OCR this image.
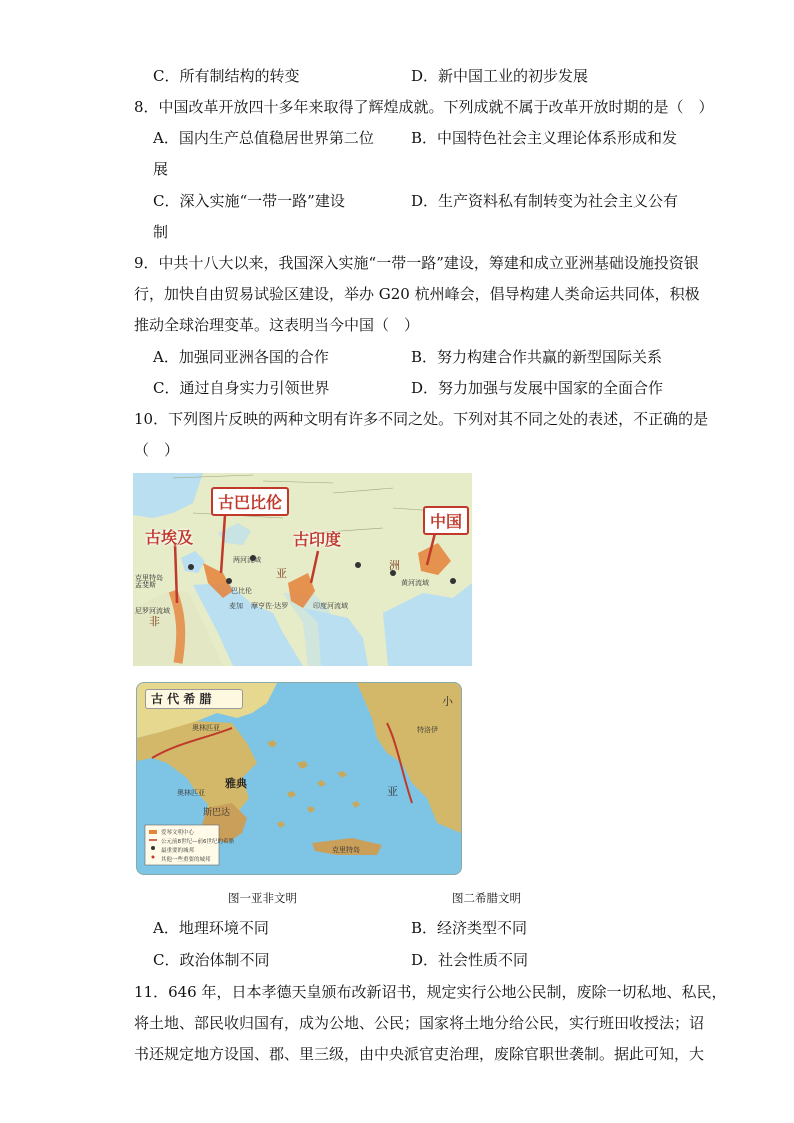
C．所有制结构的转变	D．新中国工业的初步发展
8．中国改革开放四十多年来取得了辉煌成就。下列成就不属于改革开放时期的是（　）
A．国内生产总值稳居世界第二位 B．中国特色社会主义理论体系形成和发
展
C．深入实施“一带一路”建设	D．生产资料私有制转变为社会主义公有
制
9．中共十八大以来，我国深入实施“一带一路”建设，筹建和成立亚洲基础设施投资银
行，加快自由贸易试验区建设，举办 G20 杭州峰会，倡导构建人类命运共同体，积极
推动全球治理变革。这表明当今中国（　）
A．加强同亚洲各国的合作	B．努力构建合作共赢的新型国际关系
C．通过自身实力引领世界	D．努力加强与发展中国家的全面合作
10．下列图片反映的两种文明有许多不同之处。下列对其不同之处的表述，不正确的是
（　）
古巴比伦
古埃及	古印度
中国
亚
洲
非
尼罗河流域
孟斐斯
克里特岛
两河流域
巴比伦
麦加 摩亨佐·达罗	印度河流域
黄河流域
古 代 希 腊
奥林匹亚
奥林匹亚
雅典
斯巴达
特洛伊
克里特岛
小
亚
爱琴文明中心
公元前8世纪—前6世纪的希腊
最重要的城邦
其他一些重要的城邦
图一亚非文明	图二希腊文明
A．地理环境不同	B．经济类型不同
C．政治体制不同	D．社会性质不同
11．646 年，日本孝德天皇颁布改新诏书，规定实行公地公民制，废除一切私地、私民，
将土地、部民收归国有，成为公地、公民；国家将土地分给公民，实行班田收授法；诏
书还规定地方设国、郡、里三级，由中央派官吏治理，废除官职世袭制。据此可知，大
